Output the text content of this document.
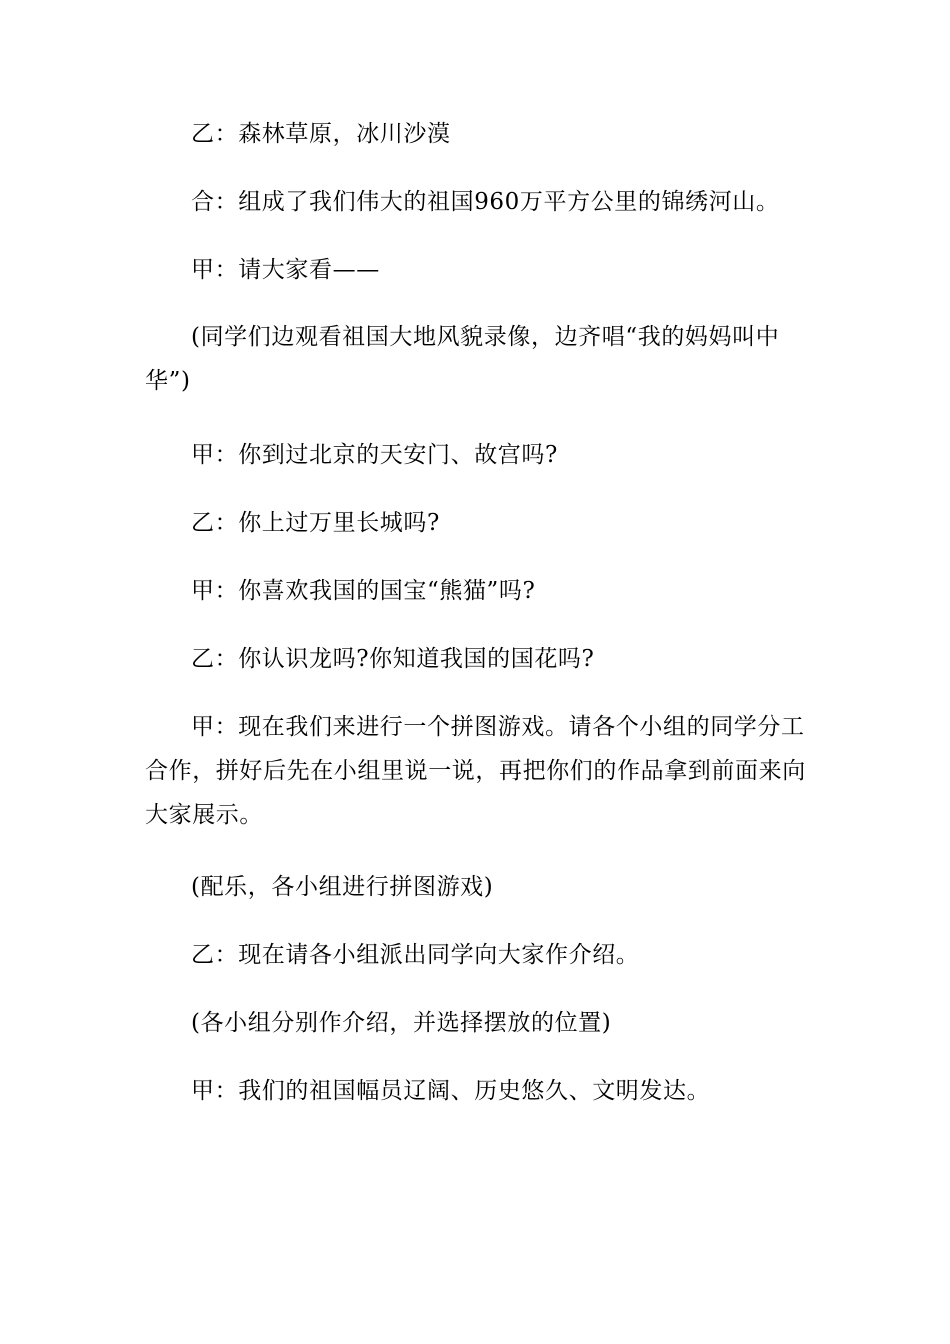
乙：森林草原，冰川沙漠

合：组成了我们伟大的祖国960万平方公里的锦绣河山。

甲：请大家看——

(同学们边观看祖国大地风貌录像，边齐唱“我的妈妈叫中华”)

甲：你到过北京的天安门、故宫吗?

乙：你上过万里长城吗?

甲：你喜欢我国的国宝“熊猫”吗?

乙：你认识龙吗?你知道我国的国花吗?

甲：现在我们来进行一个拼图游戏。请各个小组的同学分工合作，拼好后先在小组里说一说，再把你们的作品拿到前面来向大家展示。

(配乐，各小组进行拼图游戏)

乙：现在请各小组派出同学向大家作介绍。

(各小组分别作介绍，并选择摆放的位置)

甲：我们的祖国幅员辽阔、历史悠久、文明发达。
